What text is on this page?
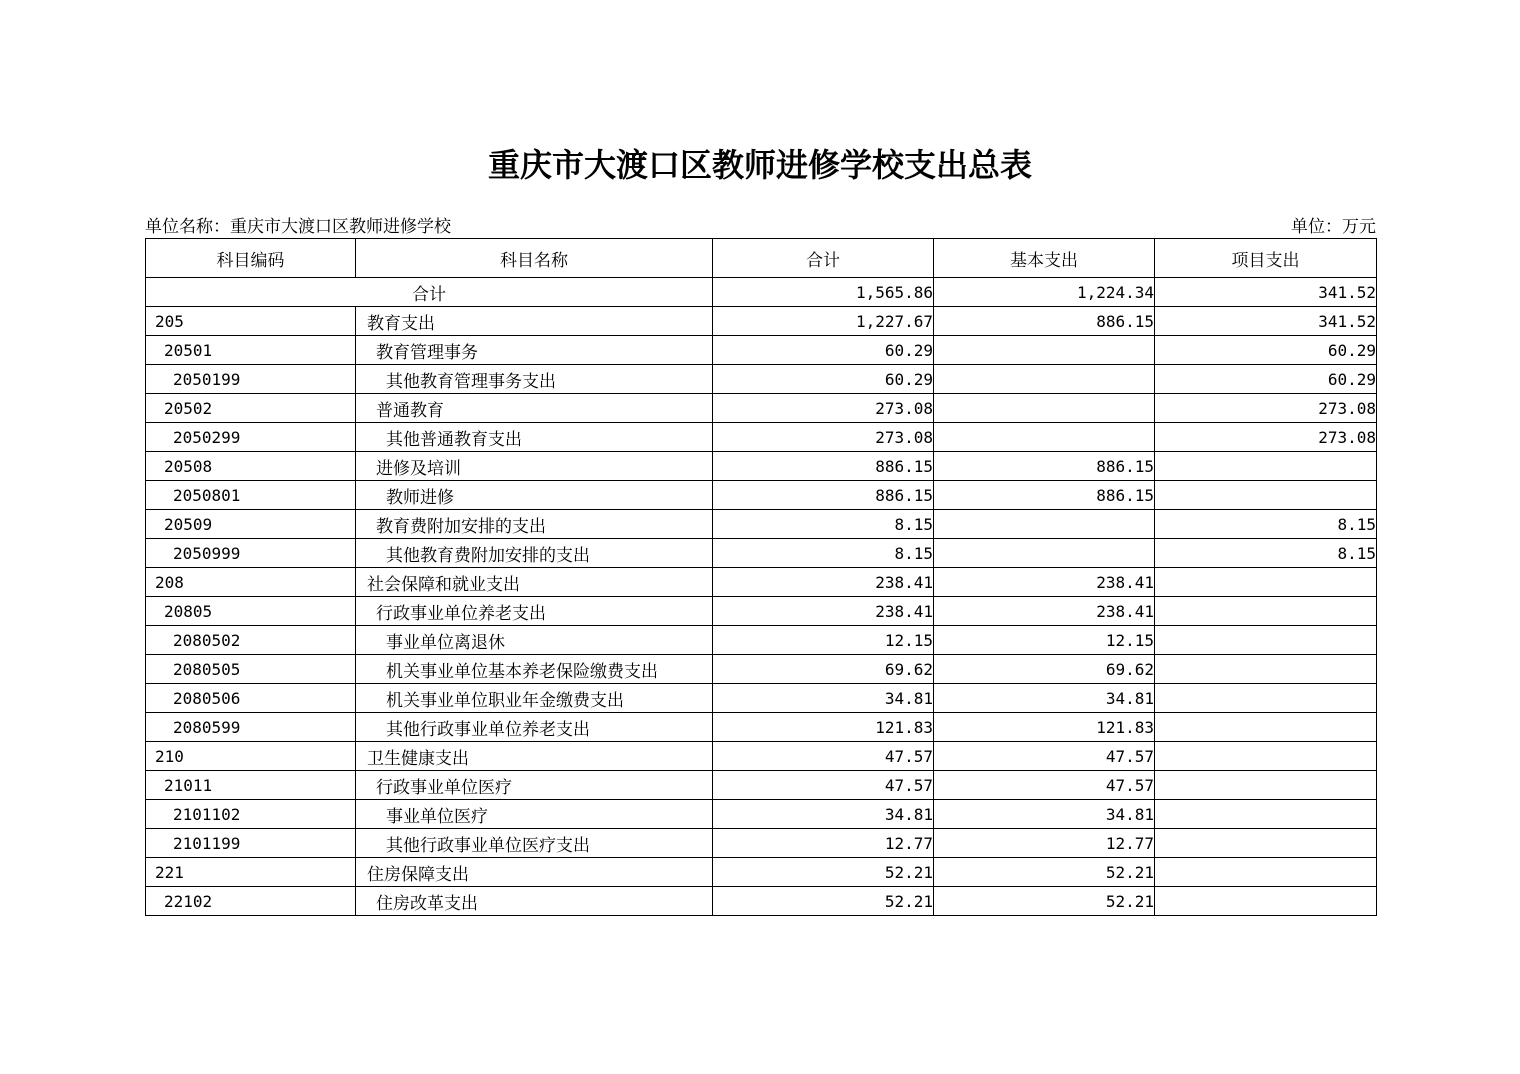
重庆市大渡口区教师进修学校支出总表
单位名称：重庆市大渡口区教师进修学校	单位：万元
科目编码	科目名称	合计	基本支出	项目支出
合计		1,565.86	1,224.34	341.52
205	教育支出	1,227.67	886.15	341.52
20501	教育管理事务	60.29		60.29
2050199	其他教育管理事务支出	60.29		60.29
20502	普通教育	273.08		273.08
2050299	其他普通教育支出	273.08		273.08
20508	进修及培训	886.15	886.15	
2050801	教师进修	886.15	886.15	
20509	教育费附加安排的支出	8.15		8.15
2050999	其他教育费附加安排的支出	8.15		8.15
208	社会保障和就业支出	238.41	238.41	
20805	行政事业单位养老支出	238.41	238.41	
2080502	事业单位离退休	12.15	12.15	
2080505	机关事业单位基本养老保险缴费支出	69.62	69.62	
2080506	机关事业单位职业年金缴费支出	34.81	34.81	
2080599	其他行政事业单位养老支出	121.83	121.83	
210	卫生健康支出	47.57	47.57	
21011	行政事业单位医疗	47.57	47.57	
2101102	事业单位医疗	34.81	34.81	
2101199	其他行政事业单位医疗支出	12.77	12.77	
221	住房保障支出	52.21	52.21	
22102	住房改革支出	52.21	52.21	
